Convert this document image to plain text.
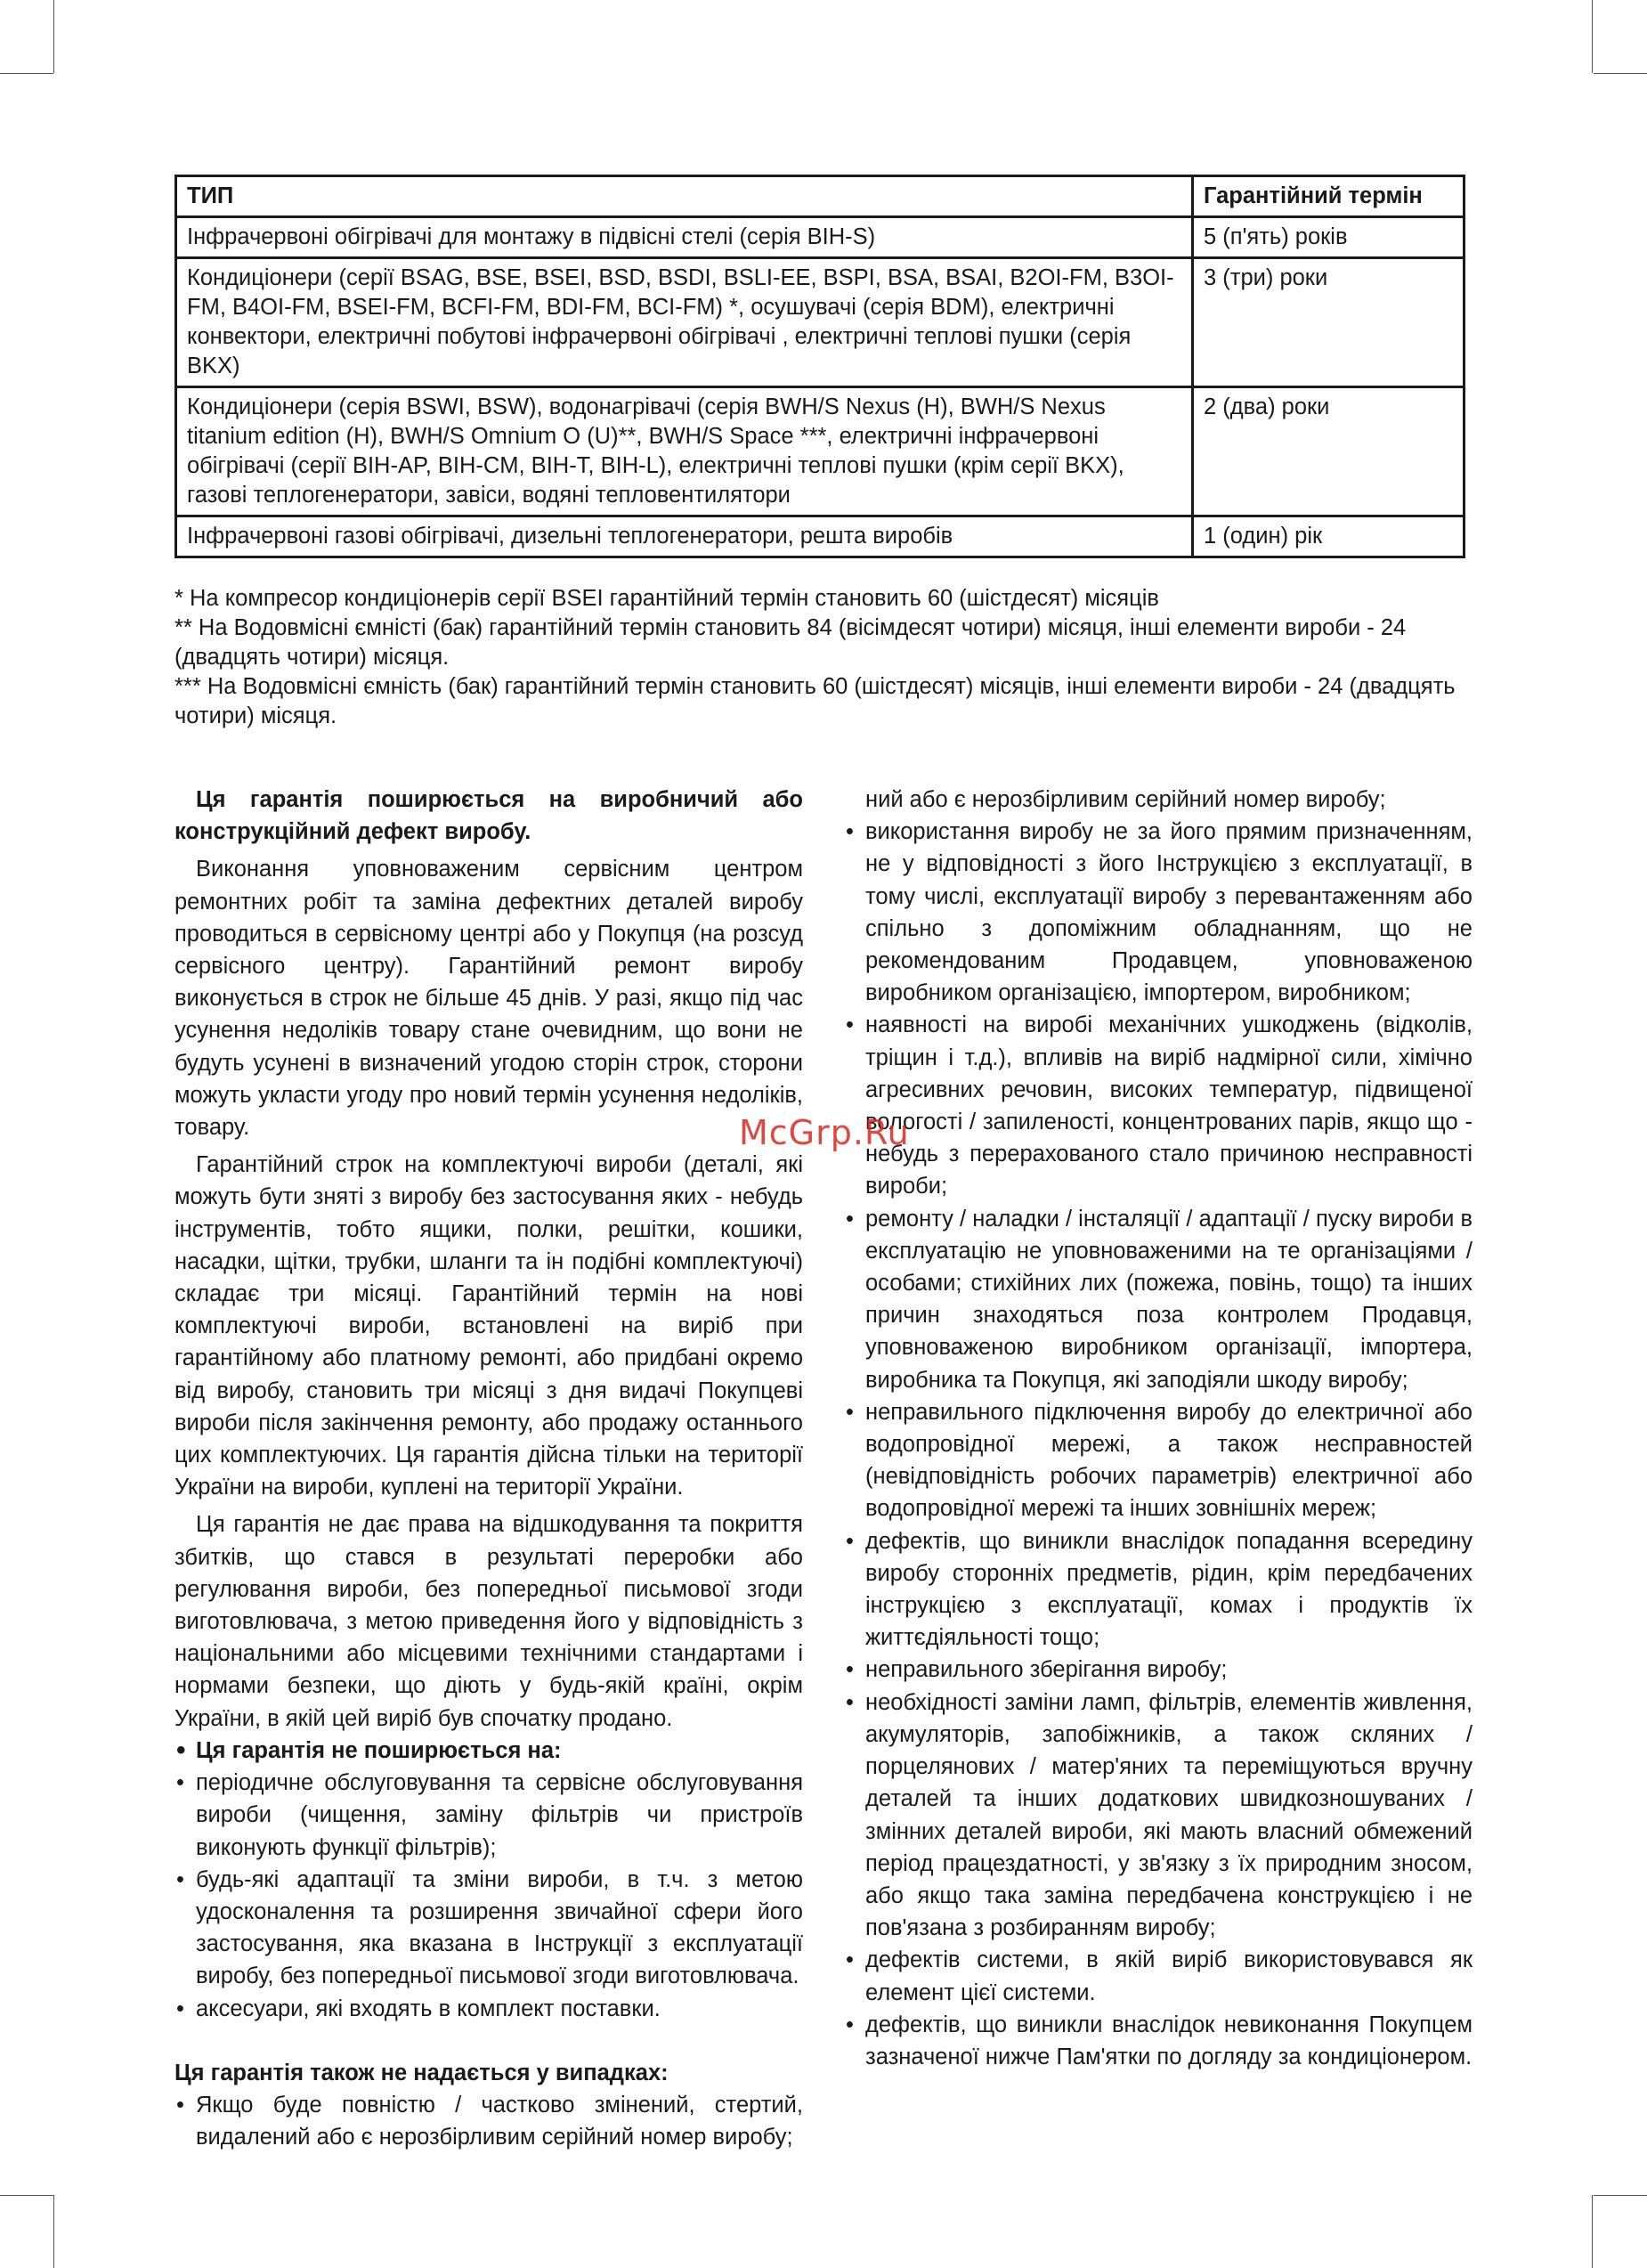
ТИП	Гарантійний термін
Інфрачервоні обігрівачі для монтажу в підвісні стелі (серія BIH-S)	5 (п'ять) років
Кондиціонери (серії BSAG, BSE, BSEI, BSD, BSDI, BSLI-EE, BSPI, BSA, BSAI, B2OI-FM, B3OI-FM, B4OI-FM, BSEI-FM, BCFI-FM, BDI-FM, BCI-FM) *, осушувачі (серія BDM), електричні конвектори, електричні побутові інфрачервоні обігрівачі , електричні теплові пушки (серія BKX)	3 (три) роки
Кондиціонери (серія BSWI, BSW), водонагрівачі (серія BWH/S Nexus (H), BWH/S Nexus titanium edition (H), BWH/S Omnium O (U)**, BWH/S Space ***, електричні інфрачервоні обігрівачі (серії BIH-AP, BIH-CM, BIH-T, BIH-L), електричні теплові пушки (крім серії BKX), газові теплогенератори, завіси, водяні тепловентилятори	2 (два) роки
Інфрачервоні газові обігрівачі, дизельні теплогенератори, решта виробів	1 (один) рік

* На компресор кондиціонерів серії BSEI гарантійний термін становить 60 (шістдесят) місяців

** На Водовмісні ємністі (бак) гарантійний термін становить 84 (вісімдесят чотири) місяця, інші елементи вироби - 24 (двадцять чотири) місяця.

*** На Водовмісні ємність (бак) гарантійний термін становить 60 (шістдесят) місяців, інші елементи вироби - 24 (двадцять чотири) місяця.

Ця гарантія поширюється на виробничий або конструкційний дефект виробу.

Виконання уповноваженим сервісним центром ремонтних робіт та заміна дефектних деталей виробу проводиться в сервісному центрі або у Покупця (на розсуд сервісного центру). Гарантійний ремонт виробу виконується в строк не більше 45 днів. У разі, якщо під час усунення недоліків товару стане очевидним, що вони не будуть усунені в визначений угодою сторін строк, сторони можуть укласти угоду про новий термін усунення недоліків, товару.

Гарантійний строк на комплектуючі вироби (деталі, які можуть бути зняті з виробу без застосування яких - небудь інструментів, тобто ящики, полки, решітки, кошики, насадки, щітки, трубки, шланги та ін подібні комплектуючі) складає три місяці. Гарантійний термін на нові комплектуючі вироби, встановлені на виріб при гарантійному або платному ремонті, або придбані окремо від виробу, становить три місяці з дня видачі Покупцеві вироби після закінчення ремонту, або продажу останнього цих комплектуючих. Ця гарантія дійсна тільки на території України на вироби, куплені на території України.

Ця гарантія не дає права на відшкодування та покриття збитків, що стався в результаті переробки або регулювання вироби, без попередньої письмової згоди виготовлювача, з метою приведення його у відповідність з національними або місцевими технічними стандартами і нормами безпеки, що діють у будь-якій країні, окрім України, в якій цей виріб був спочатку продано.

• Ця гарантія не поширюється на:
• періодичне обслуговування та сервісне обслуговування вироби (чищення, заміну фільтрів чи пристроїв виконують функції фільтрів);
• будь-які адаптації та зміни вироби, в т.ч. з метою удосконалення та розширення звичайної сфери його застосування, яка вказана в Інструкції з експлуатації виробу, без попередньої письмової згоди виготовлювача.
• аксесуари, які входять в комплект поставки.

Ця гарантія також не надається у випадках:

• Якщо буде повністю / частково змінений, стертий, видалений або є нерозбірливим серійний номер виробу;

ний або є нерозбірливим серійний номер виробу;

• використання виробу не за його прямим призначенням, не у відповідності з його Інструкцією з експлуатації, в тому числі, експлуатації виробу з перевантаженням або спільно з допоміжним обладнанням, що не рекомендованим Продавцем, уповноваженою виробником організацією, імпортером, виробником;
• наявності на виробі механічних ушкоджень (відколів, тріщин і т.д.), впливів на виріб надмірної сили, хімічно агресивних речовин, високих температур, підвищеної вологості / запиленості, концентрованих парів, якщо що - небудь з перерахованого стало причиною несправності вироби;
• ремонту / наладки / інсталяції / адаптації / пуску вироби в експлуатацію не уповноваженими на те організаціями / особами; стихійних лих (пожежа, повінь, тощо) та інших причин знаходяться поза контролем Продавця, уповноваженою виробником організації, імпортера, виробника та Покупця, які заподіяли шкоду виробу;
• неправильного підключення виробу до електричної або водопровідної мережі, а також несправностей (невідповідність робочих параметрів) електричної або водопровідної мережі та інших зовнішніх мереж;
• дефектів, що виникли внаслідок попадання всередину виробу сторонніх предметів, рідин, крім передбачених інструкцією з експлуатації, комах і продуктів їх життєдіяльності тощо;
• неправильного зберігання виробу;
• необхідності заміни ламп, фільтрів, елементів живлення, акумуляторів, запобіжників, а також скляних / порцелянових / матер'яних та переміщуються вручну деталей та інших додаткових швидкозношуваних / змінних деталей вироби, які мають власний обмежений період працездатності, у зв'язку з їх природним зносом, або якщо така заміна передбачена конструкцією і не пов'язана з розбиранням виробу;
• дефектів системи, в якій виріб використовувався як елемент цієї системи.
• дефектів, що виникли внаслідок невиконання Покупцем зазначеної нижче Пам'ятки по догляду за кондиціонером.
McGrp.Ru
